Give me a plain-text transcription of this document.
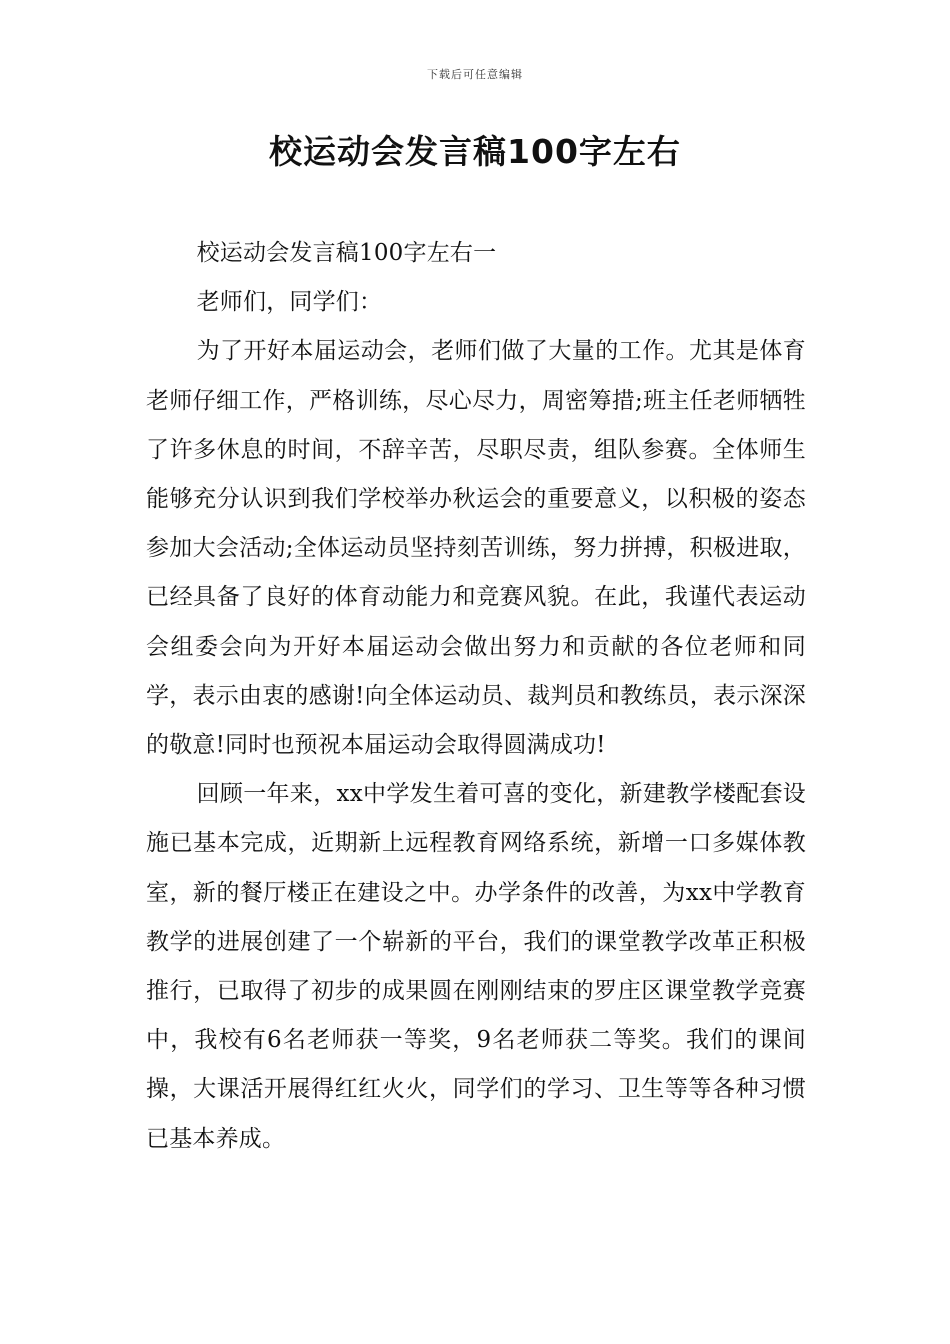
下载后可任意编辑
校运动会发言稿100字左右

校运动会发言稿100字左右一

老师们，同学们：

为了开好本届运动会，老师们做了大量的工作。尤其是体育老师仔细工作，严格训练，尽心尽力，周密筹措;班主任老师牺牲了许多休息的时间，不辞辛苦，尽职尽责，组队参赛。全体师生能够充分认识到我们学校举办秋运会的重要意义，以积极的姿态参加大会活动;全体运动员坚持刻苦训练，努力拼搏，积极进取，已经具备了良好的体育动能力和竞赛风貌。在此，我谨代表运动会组委会向为开好本届运动会做出努力和贡献的各位老师和同学，表示由衷的感谢!向全体运动员、裁判员和教练员，表示深深的敬意!同时也预祝本届运动会取得圆满成功!

回顾一年来，xx中学发生着可喜的变化，新建教学楼配套设施已基本完成，近期新上远程教育网络系统，新增一口多媒体教室，新的餐厅楼正在建设之中。办学条件的改善，为xx中学教育教学的进展创建了一个崭新的平台，我们的课堂教学改革正积极推行，已取得了初步的成果圆在刚刚结束的罗庄区课堂教学竞赛中，我校有6名老师获一等奖，9名老师获二等奖。我们的课间操，大课活开展得红红火火，同学们的学习、卫生等等各种习惯已基本养成。
